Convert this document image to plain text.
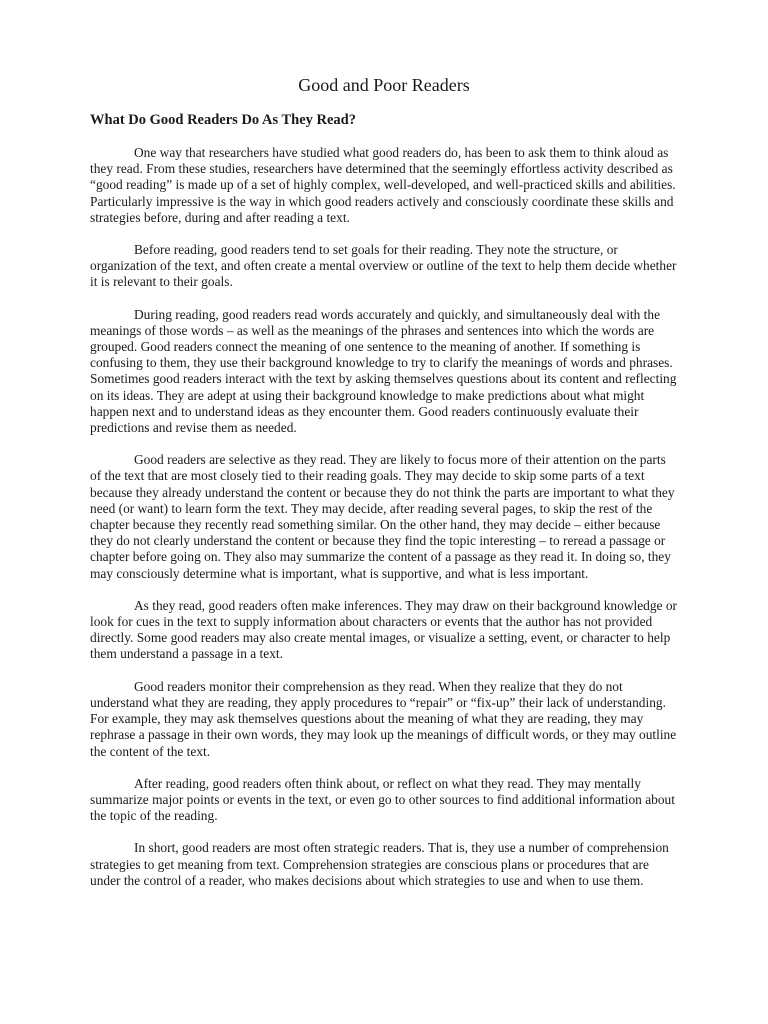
Good and Poor Readers
What Do Good Readers Do As They Read?

One way that researchers have studied what good readers do, has been to ask them to think aloud as they read. From these studies, researchers have determined that the seemingly effortless activity described as “good reading” is made up of a set of highly complex, well-developed, and well-practiced skills and abilities. Particularly impressive is the way in which good readers actively and consciously coordinate these skills and strategies before, during and after reading a text.

Before reading, good readers tend to set goals for their reading. They note the structure, or organization of the text, and often create a mental overview or outline of the text to help them decide whether it is relevant to their goals.

During reading, good readers read words accurately and quickly, and simultaneously deal with the meanings of those words – as well as the meanings of the phrases and sentences into which the words are grouped. Good readers connect the meaning of one sentence to the meaning of another. If something is confusing to them, they use their background knowledge to try to clarify the meanings of words and phrases. Sometimes good readers interact with the text by asking themselves questions about its content and reflecting on its ideas. They are adept at using their background knowledge to make predictions about what might happen next and to understand ideas as they encounter them. Good readers continuously evaluate their predictions and revise them as needed.

Good readers are selective as they read. They are likely to focus more of their attention on the parts of the text that are most closely tied to their reading goals. They may decide to skip some parts of a text because they already understand the content or because they do not think the parts are important to what they need (or want) to learn form the text. They may decide, after reading several pages, to skip the rest of the chapter because they recently read something similar. On the other hand, they may decide – either because they do not clearly understand the content or because they find the topic interesting – to reread a passage or chapter before going on. They also may summarize the content of a passage as they read it. In doing so, they may consciously determine what is important, what is supportive, and what is less important.

As they read, good readers often make inferences. They may draw on their background knowledge or look for cues in the text to supply information about characters or events that the author has not provided directly. Some good readers may also create mental images, or visualize a setting, event, or character to help them understand a passage in a text.

Good readers monitor their comprehension as they read. When they realize that they do not understand what they are reading, they apply procedures to “repair” or “fix-up” their lack of understanding. For example, they may ask themselves questions about the meaning of what they are reading, they may rephrase a passage in their own words, they may look up the meanings of difficult words, or they may outline the content of the text.

After reading, good readers often think about, or reflect on what they read. They may mentally summarize major points or events in the text, or even go to other sources to find additional information about the topic of the reading.

In short, good readers are most often strategic readers. That is, they use a number of comprehension strategies to get meaning from text. Comprehension strategies are conscious plans or procedures that are under the control of a reader, who makes decisions about which strategies to use and when to use them.
